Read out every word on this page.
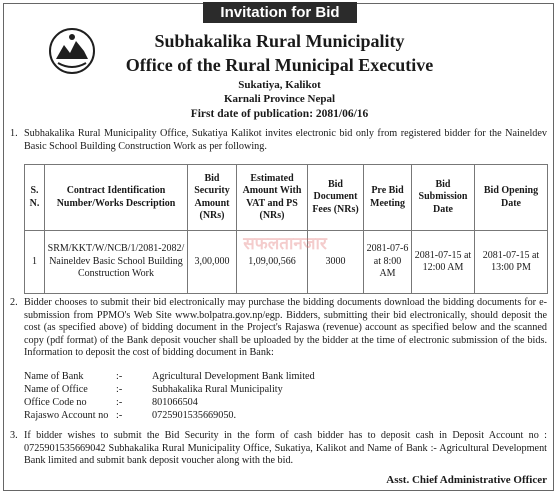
Invitation for Bid
Subhakalika Rural Municipality
Office of the Rural Municipal Executive
Sukatiya, Kalikot
Karnali Province Nepal
First date of publication: 2081/06/16
1. Subhakalika Rural Municipality Office, Sukatiya Kalikot invites electronic bid only from registered bidder for the Naineldev Basic School Building Construction Work as per following.
S. N.	Contract Identification Number/Works Description	Bid Security Amount (NRs)	Estimated Amount With VAT and PS (NRs)	Bid Document Fees (NRs)	Pre Bid Meeting	Bid Submission Date	Bid Opening Date
1	SRM/KKT/W/NCB/1/2081-2082/ Naineldev Basic School Building Construction Work	3,00,000	1,09,00,566	3000	2081-07-6 at 8:00 AM	2081-07-15 at 12:00 AM	2081-07-15 at 13:00 PM
सफलतानजार
2. Bidder chooses to submit their bid electronically may purchase the bidding documents download the bidding documents for e-submission from PPMO's Web Site www.bolpatra.gov.np/egp. Bidders, submitting their bid electronically, should deposit the cost (as specified above) of bidding document in the Project's Rajaswa (revenue) account as specified below and the scanned copy (pdf format) of the Bank deposit voucher shall be uploaded by the bidder at the time of electronic submission of the bids. Information to deposit the cost of bidding document in Bank:
Name of Bank	:-	Agricultural Development Bank limited
Name of Office	:-	Subhakalika Rural Municipality
Office Code no	:-	801066504
Rajaswo Account no :-	0725901535669050.
3. If bidder wishes to submit the Bid Security in the form of cash bidder has to deposit cash in Deposit Account no : 0725901535669042 Subhakalika Rural Municipality Office, Sukatiya, Kalikot and Name of Bank :- Agricultural Development Bank limited and submit bank deposit voucher along with the bid.
Asst. Chief Administrative Officer
